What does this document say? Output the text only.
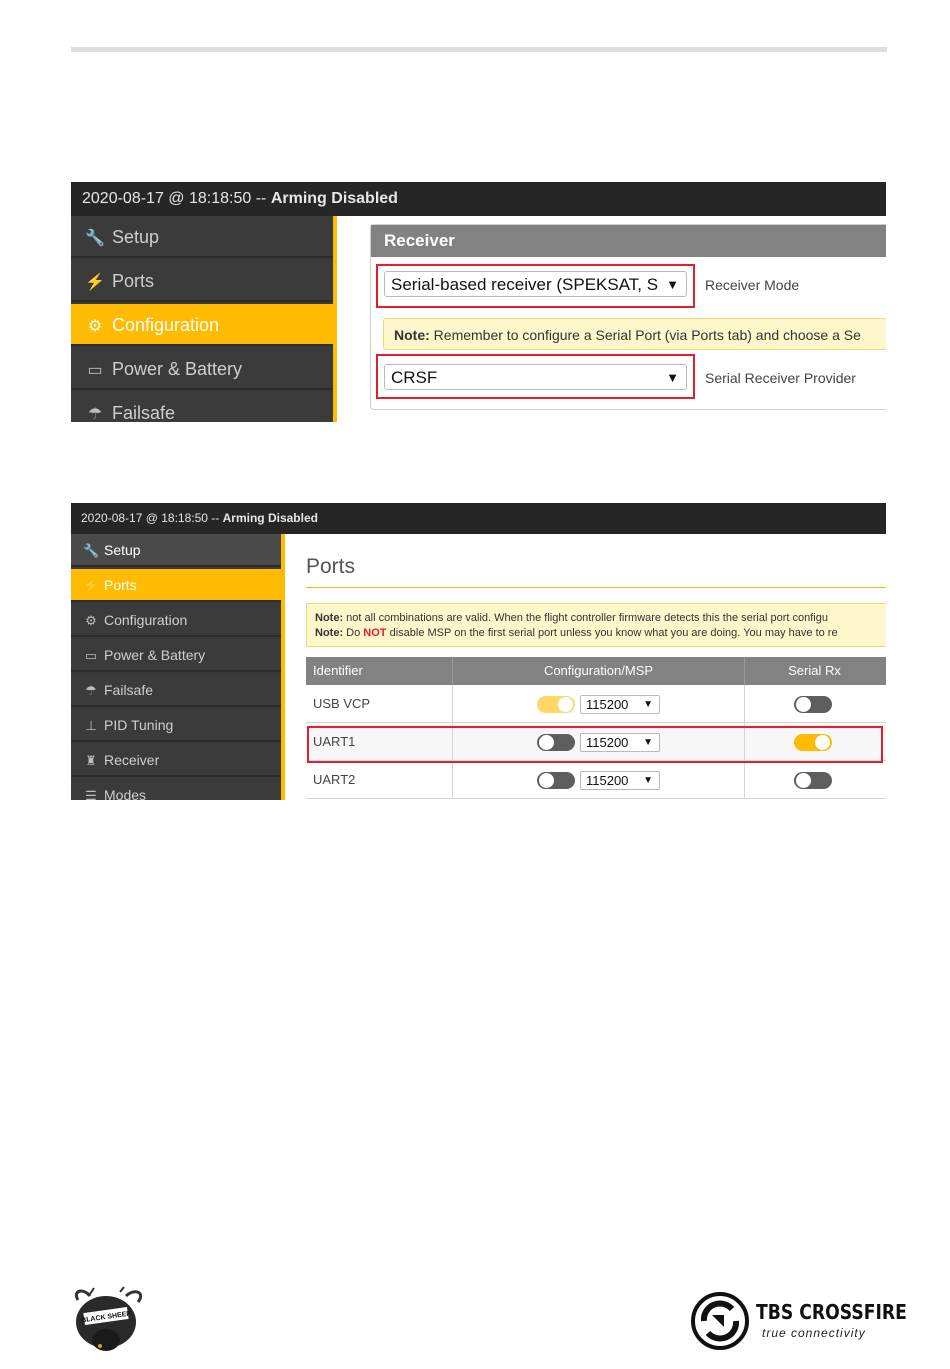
2020-08-17 @ 18:18:50 -- Arming Disabled
🔧 Setup
⚡ Ports
⚙ Configuration
▭ Power & Battery
☂ Failsafe
Receiver
Serial-based receiver (SPEKSAT, S ▼ Receiver Mode
Note: Remember to configure a Serial Port (via Ports tab) and choose a Se
CRSF	▼ Serial Receiver Provider
2020-08-17 @ 18:18:50 -- Arming Disabled
🔧 Setup
⚡ Ports
⚙ Configuration
▭ Power & Battery
☂ Failsafe
⊥ PID Tuning
♜ Receiver
☰ Modes
Ports
Note: not all combinations are valid. When the flight controller firmware detects this the serial port configu
Note: Do NOT disable MSP on the first serial port unless you know what you are doing. You may have to re
Identifier	Configuration/MSP	Serial Rx
USB VCP	115200 ▼
UART1	115200 ▼
UART2	115200 ▼
BLACK SHEEP	TBS CROSSFIRE
true connectivity
